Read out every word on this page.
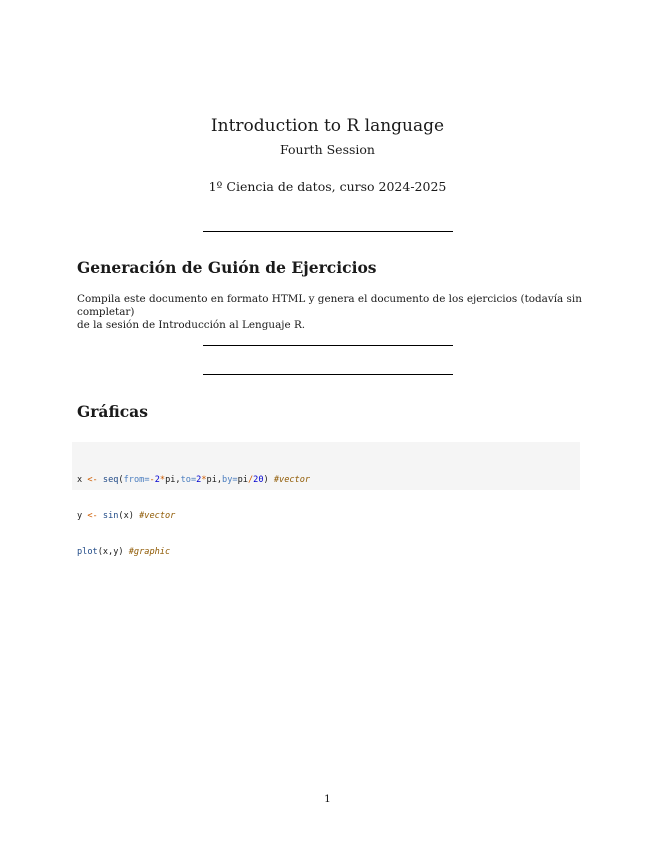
Introduction to R language
Fourth Session
1º Ciencia de datos, curso 2024-2025
Generación de Guión de Ejercicios
Compila este documento en formato HTML y genera el documento de los ejercicios (todavía sin completar)
de la sesión de Introducción al Lenguaje R.
Gráficas

x <- seq(from=-2*pi,to=2*pi,by=pi/20) #vector

y <- sin(x) #vector

plot(x,y) #graphic

1
